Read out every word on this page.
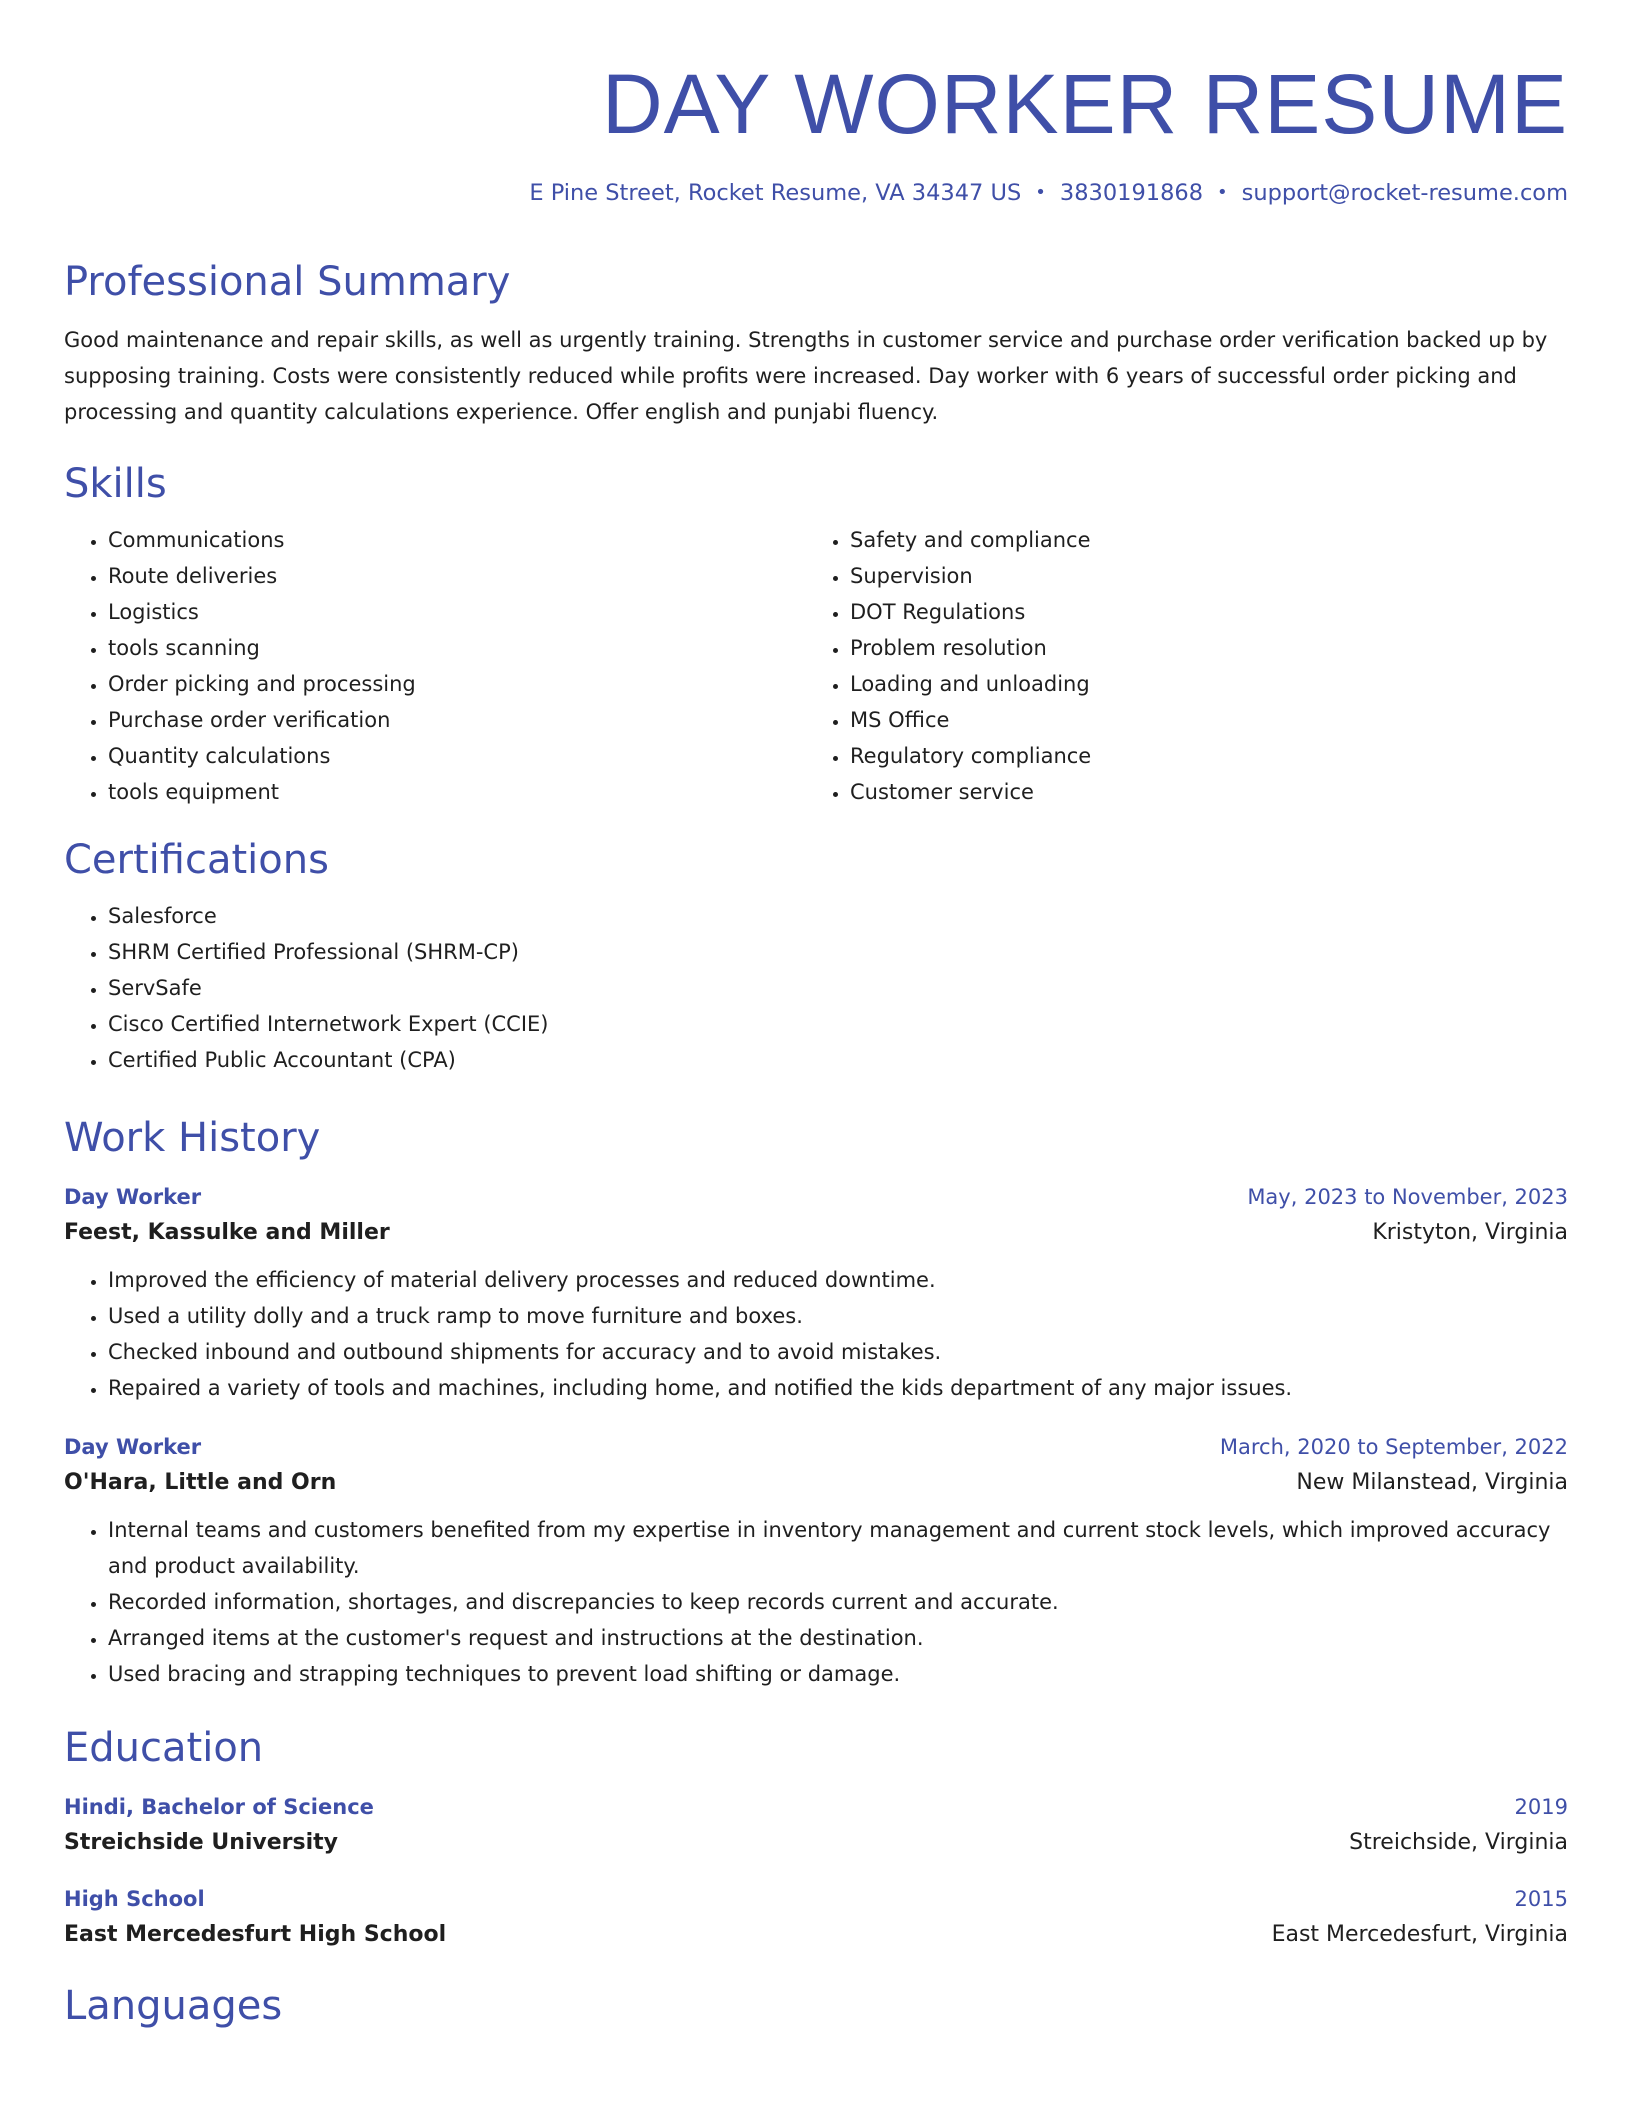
DAY WORKER RESUME
E Pine Street, Rocket Resume, VA 34347 US • 3830191868 • support@rocket-resume.com
Professional Summary
Good maintenance and repair skills, as well as urgently training. Strengths in customer service and purchase order verification backed up by supposing training. Costs were consistently reduced while profits were increased. Day worker with 6 years of successful order picking and processing and quantity calculations experience. Offer english and punjabi fluency.
Skills
• Communications
• Route deliveries
• Logistics
• tools scanning
• Order picking and processing
• Purchase order verification
• Quantity calculations
• tools equipment
• Safety and compliance
• Supervision
• DOT Regulations
• Problem resolution
• Loading and unloading
• MS Office
• Regulatory compliance
• Customer service
Certifications
• Salesforce
• SHRM Certified Professional (SHRM-CP)
• ServSafe
• Cisco Certified Internetwork Expert (CCIE)
• Certified Public Accountant (CPA)
Work History
Day Worker	May, 2023 to November, 2023
Feest, Kassulke and Miller	Kristyton, Virginia
• Improved the efficiency of material delivery processes and reduced downtime.
• Used a utility dolly and a truck ramp to move furniture and boxes.
• Checked inbound and outbound shipments for accuracy and to avoid mistakes.
• Repaired a variety of tools and machines, including home, and notified the kids department of any major issues.
Day Worker	March, 2020 to September, 2022
O'Hara, Little and Orn	New Milanstead, Virginia
• Internal teams and customers benefited from my expertise in inventory management and current stock levels, which improved accuracy and product availability.
• Recorded information, shortages, and discrepancies to keep records current and accurate.
• Arranged items at the customer's request and instructions at the destination.
• Used bracing and strapping techniques to prevent load shifting or damage.
Education
Hindi, Bachelor of Science	2019
Streichside University	Streichside, Virginia
High School	2015
East Mercedesfurt High School	East Mercedesfurt, Virginia
Languages
